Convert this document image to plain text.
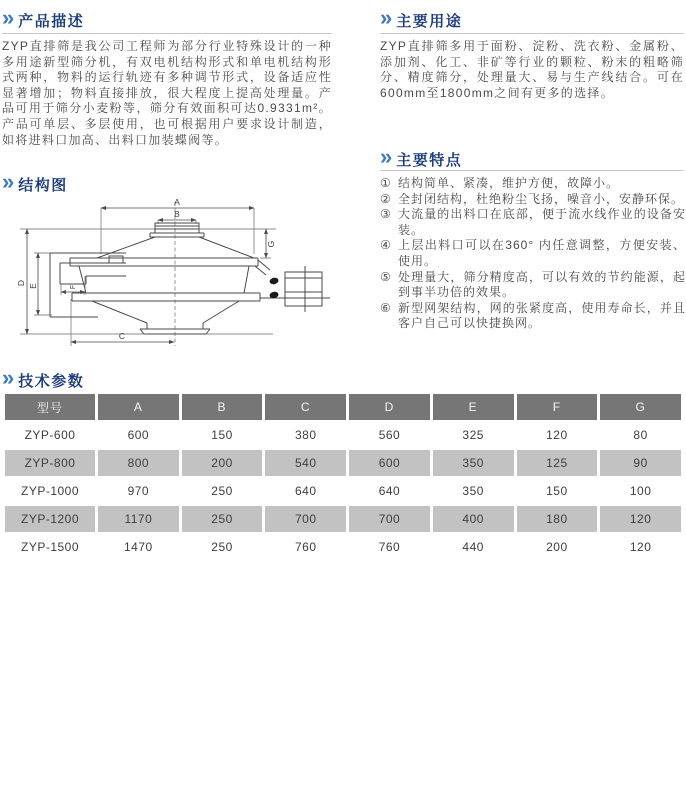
» 产品描述

ZYP直排筛是我公司工程师为部分行业特殊设计的一种多用途新型筛分机，有双电机结构形式和单电机结构形式两种，物料的运行轨迹有多种调节形式，设备适应性显著增加；物料直接排放，很大程度上提高处理量。产品可用于筛分小麦粉等，筛分有效面积可达0.9331m²。产品可单层、多层使用，也可根据用户要求设计制造，如将进料口加高、出料口加装蝶阀等。

» 主要用途

ZYP直排筛多用于面粉、淀粉、洗衣粉、金属粉、添加剂、化工、非矿等行业的颗粒、粉末的粗略筛分、精度筛分，处理量大、易与生产线结合。可在600mm至1800mm之间有更多的选择。

» 主要特点
① 结构简单、紧凑，维护方便，故障小。
② 全封闭结构，杜绝粉尘飞扬，噪音小，安静环保。
③ 大流量的出料口在底部，便于流水线作业的设备安装。
④ 上层出料口可以在360° 内任意调整，方便安装、使用。
⑤ 处理量大，筛分精度高，可以有效的节约能源，起到事半功倍的效果。
⑥ 新型网架结构，网的张紧度高，使用寿命长，并且客户自己可以快捷换网。
» 结构图
A
B
C
D E	F
G
» 技术参数
型号	A	B	C	D	E	F	G
ZYP-600	600	150	380	560	325	120	80
ZYP-800	800	200	540	600	350	125	90
ZYP-1000	970	250	640	640	350	150	100
ZYP-1200	1170	250	700	700	400	180	120
ZYP-1500	1470	250	760	760	440	200	120
